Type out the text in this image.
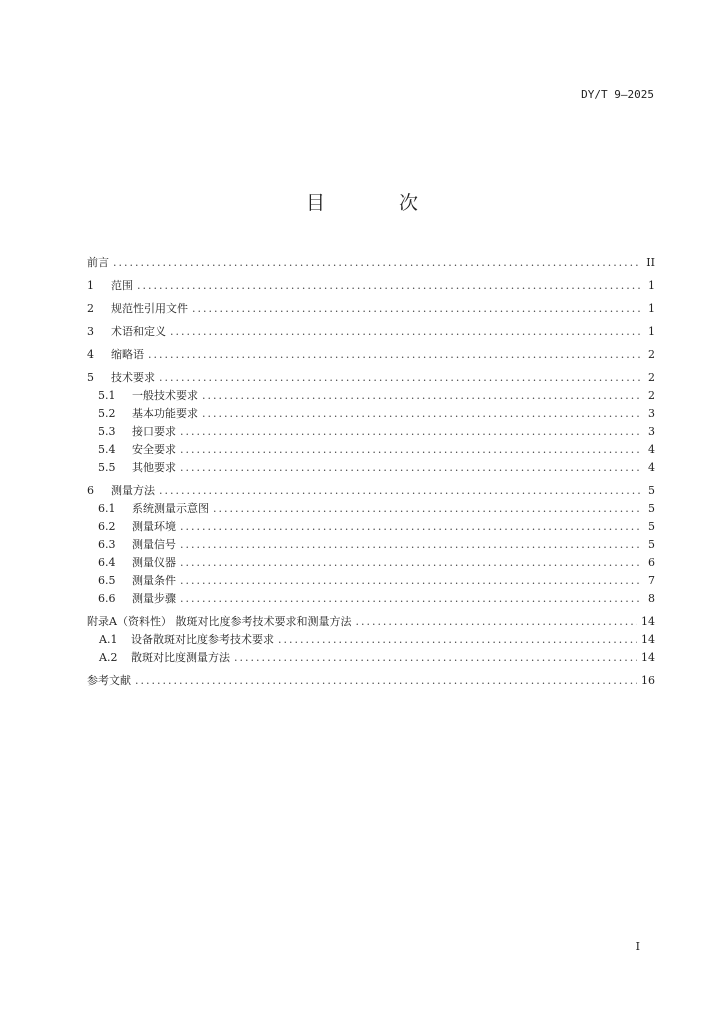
DY/T 9—2025
目 次
前言 .....	II
1	范围 .....	1
2	规范性引用文件 .....	1
3	术语和定义 .....	1
4	缩略语 .....	2
5	技术要求 .....	2
5.1	一般技术要求 .....	2
5.2	基本功能要求 .....	3
5.3	接口要求 .....	3
5.4	安全要求 .....	4
5.5	其他要求 .....	4
6	测量方法 .....	5
6.1	系统测量示意图 .....	5
6.2	测量环境 .....	5
6.3	测量信号 .....	5
6.4	测量仪器 .....	6
6.5	测量条件 .....	7
6.6	测量步骤 .....	8
附录A（资料性） 散斑对比度参考技术要求和测量方法 .....	14
A.1	设备散斑对比度参考技术要求 .....	14
A.2	散斑对比度测量方法 .....	14
参考文献 .....	16
I
